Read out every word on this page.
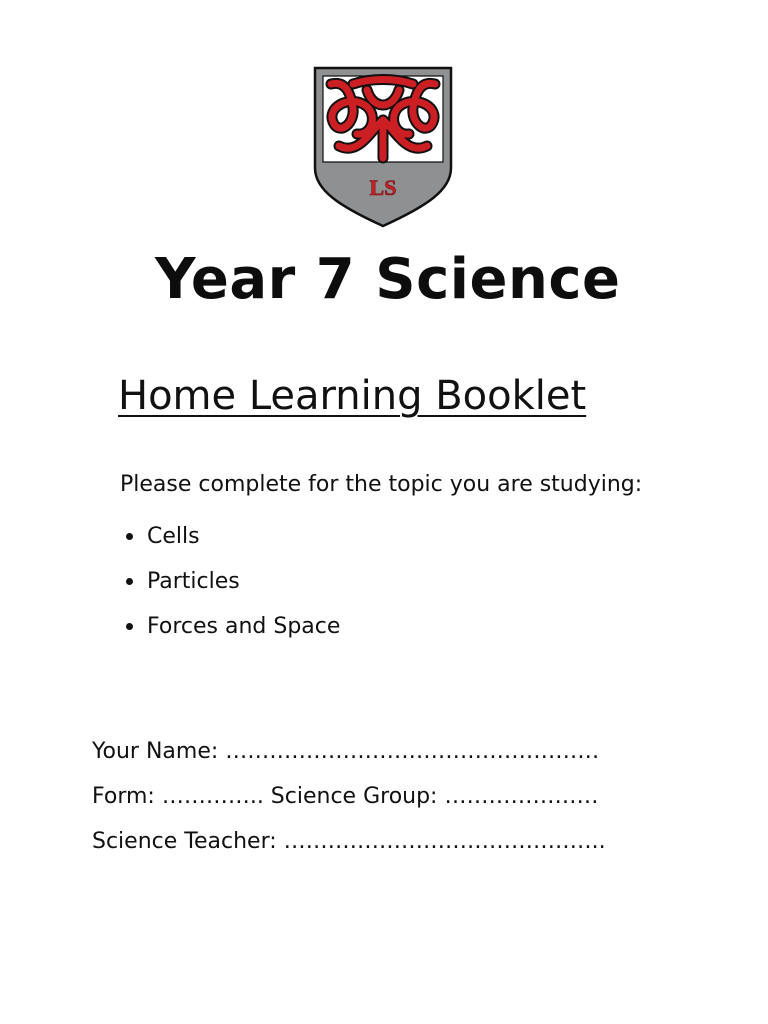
LS
Year 7 Science
Home Learning Booklet
Please complete for the topic you are studying:
Cells
Particles
Forces and Space
Your Name: ……………………………………………
Form: ………….. Science Group: …………………
Science Teacher: ……………………………………..
